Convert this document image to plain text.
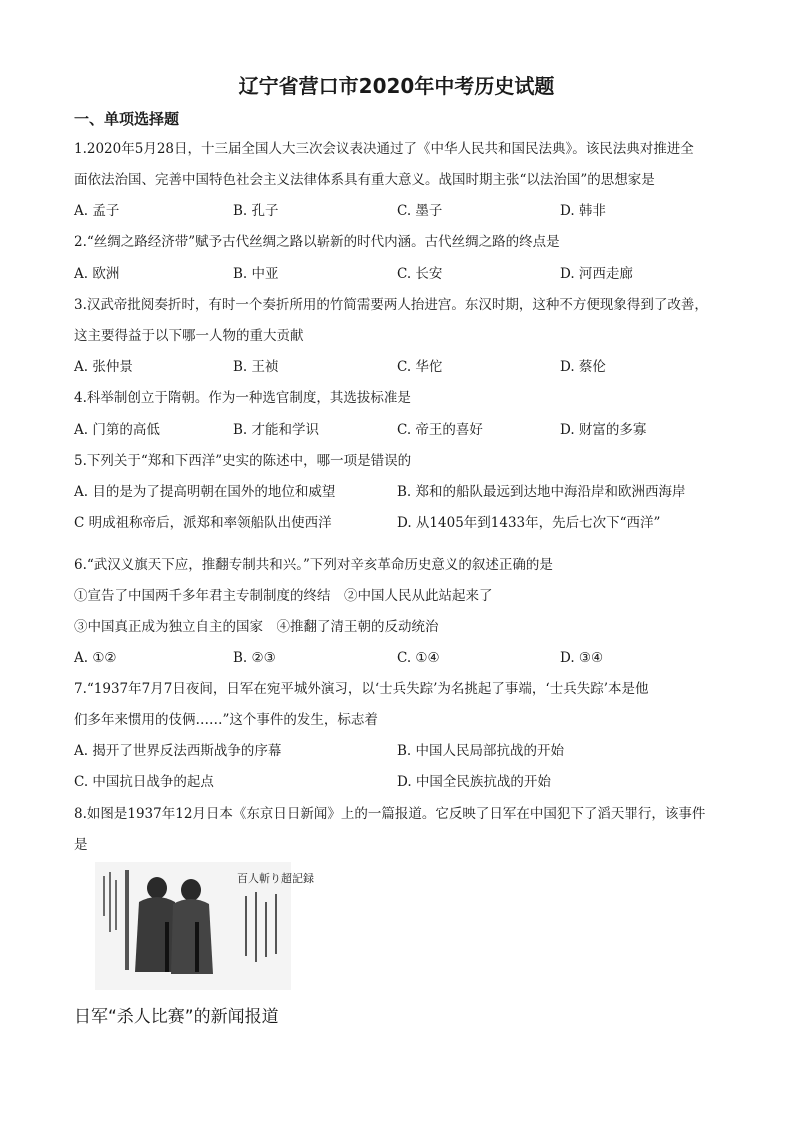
辽宁省营口市2020年中考历史试题
一、单项选择题
1.2020年5月28日，十三届全国人大三次会议表决通过了《中华人民共和国民法典》。该民法典对推进全
面依法治国、完善中国特色社会主义法律体系具有重大意义。战国时期主张“以法治国”的思想家是
A. 孟子	B. 孔子	C. 墨子	D. 韩非
2.“丝绸之路经济带”赋予古代丝绸之路以崭新的时代内涵。古代丝绸之路的终点是
A. 欧洲	B. 中亚	C. 长安	D. 河西走廊
3.汉武帝批阅奏折时，有时一个奏折所用的竹简需要两人抬进宫。东汉时期，这种不方便现象得到了改善，
这主要得益于以下哪一人物的重大贡献
A. 张仲景	B. 王祯	C. 华佗	D. 蔡伦
4.科举制创立于隋朝。作为一种选官制度，其选拔标准是
A. 门第的高低	B. 才能和学识	C. 帝王的喜好	D. 财富的多寡
5.下列关于“郑和下西洋”史实的陈述中，哪一项是错误的
A. 目的是为了提高明朝在国外的地位和威望	B. 郑和的船队最远到达地中海沿岸和欧洲西海岸
C 明成祖称帝后，派郑和率领船队出使西洋	D. 从1405年到1433年，先后七次下“西洋”
6.“武汉义旗天下应，推翻专制共和兴。”下列对辛亥革命历史意义的叙述正确的是
①宣告了中国两千多年君主专制制度的终结　②中国人民从此站起来了
③中国真正成为独立自主的国家　④推翻了清王朝的反动统治
A. ①②	B. ②③	C. ①④	D. ③④
7.“1937年7月7日夜间，日军在宛平城外演习，以‘士兵失踪’为名挑起了事端，‘士兵失踪’本是他
们多年来惯用的伎俩……”这个事件的发生，标志着
A. 揭开了世界反法西斯战争的序幕	B. 中国人民局部抗战的开始
C. 中国抗日战争的起点	D. 中国全民族抗战的开始
8.如图是1937年12月日本《东京日日新闻》上的一篇报道。它反映了日军在中国犯下了滔天罪行，该事件
是
百人斬り超記録
日军“杀人比赛”的新闻报道
